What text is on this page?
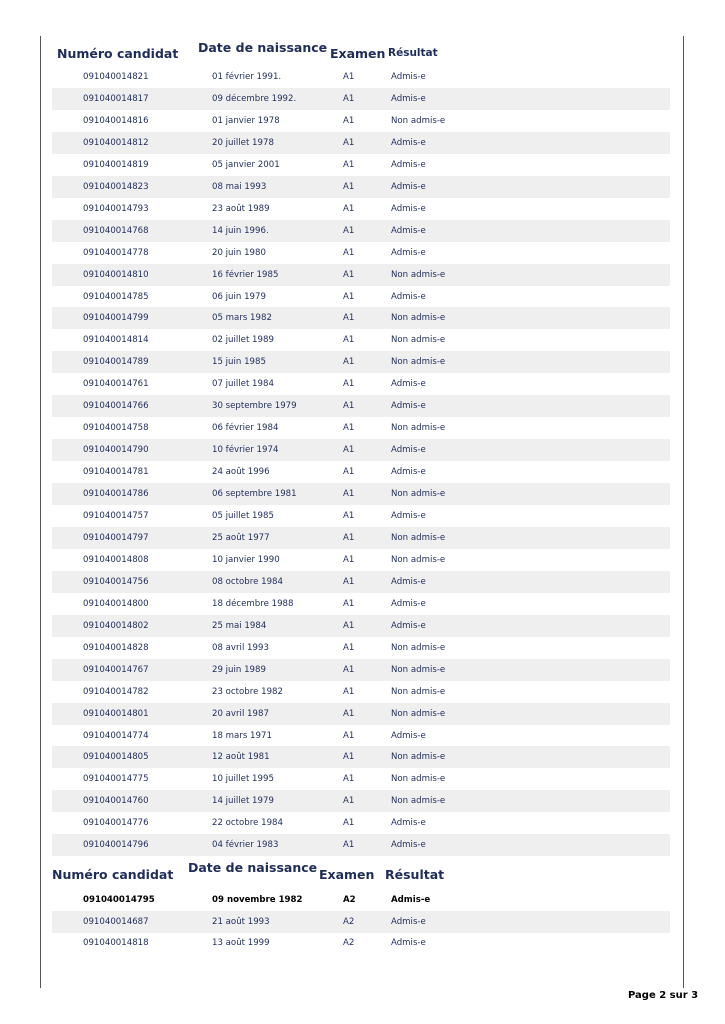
Numéro candidat Date de naissance Examen Résultat
091040014821	01 février 1991.	A1	Admis-e
091040014817	09 décembre 1992.	A1	Admis-e
091040014816	01 janvier 1978	A1	Non admis-e
091040014812	20 juillet 1978	A1	Admis-e
091040014819	05 janvier 2001	A1	Admis-e
091040014823	08 mai 1993	A1	Admis-e
091040014793	23 août 1989	A1	Admis-e
091040014768	14 juin 1996.	A1	Admis-e
091040014778	20 juin 1980	A1	Admis-e
091040014810	16 février 1985	A1	Non admis-e
091040014785	06 juin 1979	A1	Admis-e
091040014799	05 mars 1982	A1	Non admis-e
091040014814	02 juillet 1989	A1	Non admis-e
091040014789	15 juin 1985	A1	Non admis-e
091040014761	07 juillet 1984	A1	Admis-e
091040014766	30 septembre 1979	A1	Admis-e
091040014758	06 février 1984	A1	Non admis-e
091040014790	10 février 1974	A1	Admis-e
091040014781	24 août 1996	A1	Admis-e
091040014786	06 septembre 1981	A1	Non admis-e
091040014757	05 juillet 1985	A1	Admis-e
091040014797	25 août 1977	A1	Non admis-e
091040014808	10 janvier 1990	A1	Non admis-e
091040014756	08 octobre 1984	A1	Admis-e
091040014800	18 décembre 1988	A1	Admis-e
091040014802	25 mai 1984	A1	Admis-e
091040014828	08 avril 1993	A1	Non admis-e
091040014767	29 juin 1989	A1	Non admis-e
091040014782	23 octobre 1982	A1	Non admis-e
091040014801	20 avril 1987	A1	Non admis-e
091040014774	18 mars 1971	A1	Admis-e
091040014805	12 août 1981	A1	Non admis-e
091040014775	10 juillet 1995	A1	Non admis-e
091040014760	14 juillet 1979	A1	Non admis-e
091040014776	22 octobre 1984	A1	Admis-e
091040014796	04 février 1983	A1	Admis-e
Numéro candidat Date de naissance Examen Résultat
091040014795	09 novembre 1982	A2	Admis-e
091040014687	21 août 1993	A2	Admis-e
091040014818	13 août 1999	A2	Admis-e
Page 2 sur 3
